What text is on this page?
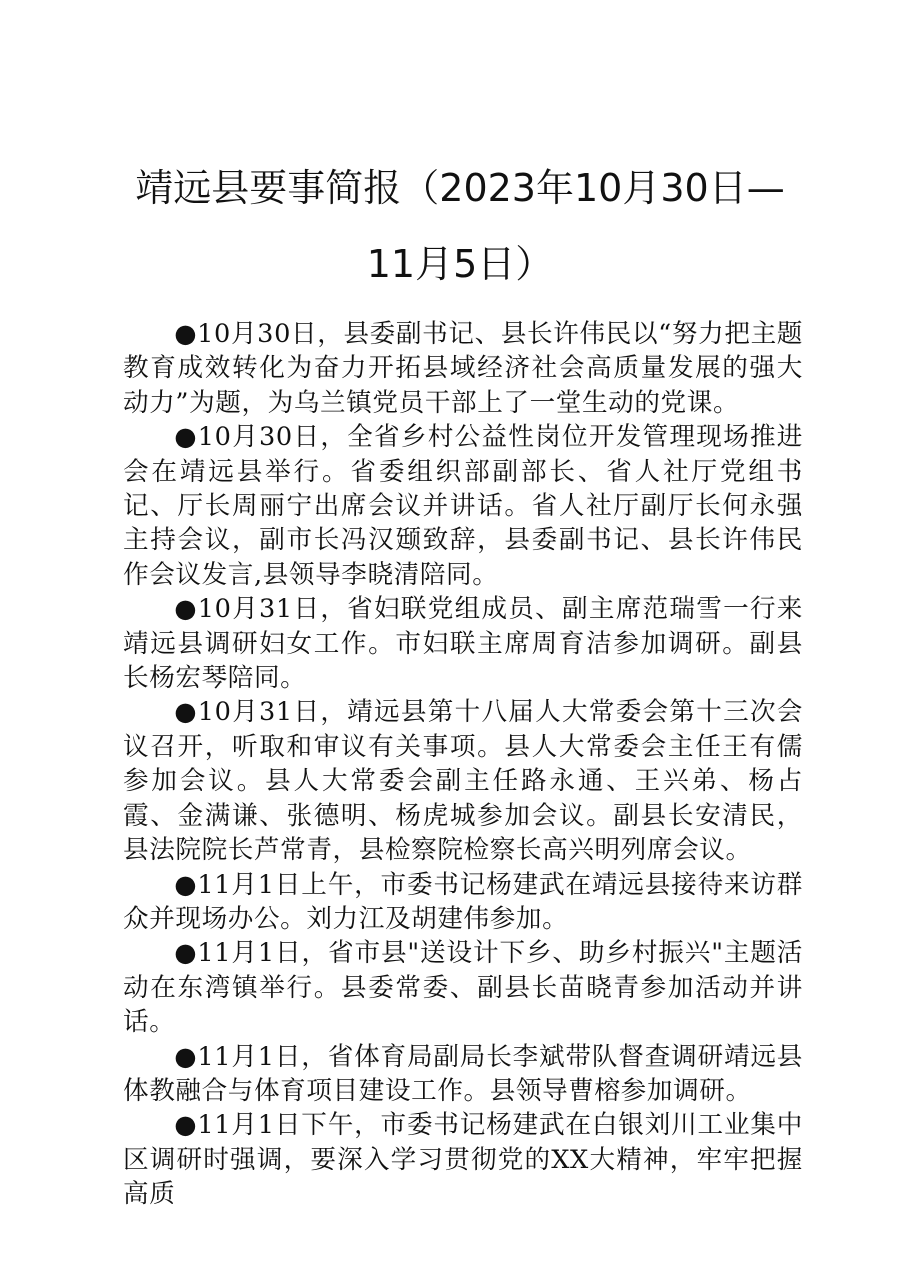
靖远县要事简报（2023年10月30日—11月5日）

●10月30日，县委副书记、县长许伟民以“努力把主题教育成效转化为奋力开拓县域经济社会高质量发展的强大动力”为题，为乌兰镇党员干部上了一堂生动的党课。

●10月30日，全省乡村公益性岗位开发管理现场推进会在靖远县举行。省委组织部副部长、省人社厅党组书记、厅长周丽宁出席会议并讲话。省人社厅副厅长何永强主持会议，副市长冯汉颋致辞，县委副书记、县长许伟民作会议发言,县领导李晓清陪同。

●10月31日，省妇联党组成员、副主席范瑞雪一行来靖远县调研妇女工作。市妇联主席周育洁参加调研。副县长杨宏琴陪同。

●10月31日，靖远县第十八届人大常委会第十三次会议召开，听取和审议有关事项。县人大常委会主任王有儒参加会议。县人大常委会副主任路永通、王兴弟、杨占霞、金满谦、张德明、杨虎城参加会议。副县长安清民，县法院院长芦常青，县检察院检察长高兴明列席会议。

●11月1日上午，市委书记杨建武在靖远县接待来访群众并现场办公。刘力江及胡建伟参加。

●11月1日，省市县"送设计下乡、助乡村振兴"主题活动在东湾镇举行。县委常委、副县长苗晓青参加活动并讲话。

●11月1日，省体育局副局长李斌带队督查调研靖远县体教融合与体育项目建设工作。县领导曹榕参加调研。

●11月1日下午，市委书记杨建武在白银刘川工业集中区调研时强调，要深入学习贯彻党的XX大精神，牢牢把握高质
